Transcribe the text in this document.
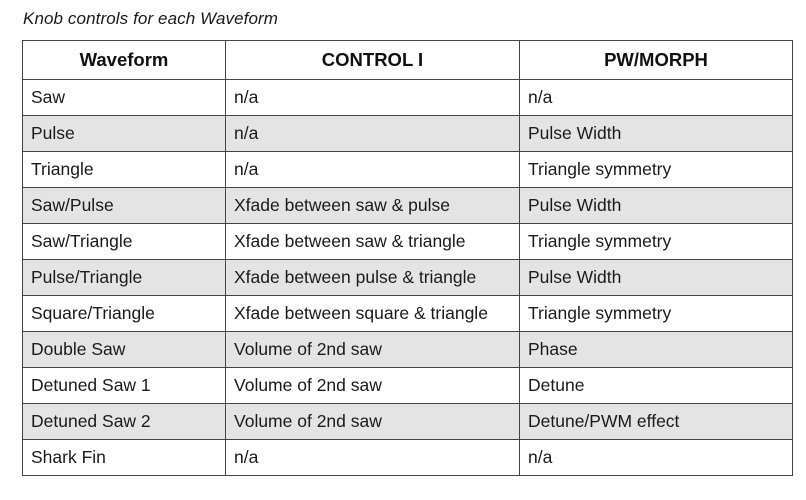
Knob controls for each Waveform
Waveform	CONTROL I	PW/MORPH
Saw	n/a	n/a
Pulse	n/a	Pulse Width
Triangle	n/a	Triangle symmetry
Saw/Pulse	Xfade between saw & pulse	Pulse Width
Saw/Triangle	Xfade between saw & triangle	Triangle symmetry
Pulse/Triangle	Xfade between pulse & triangle	Pulse Width
Square/Triangle	Xfade between square & triangle	Triangle symmetry
Double Saw	Volume of 2nd saw	Phase
Detuned Saw 1	Volume of 2nd saw	Detune
Detuned Saw 2	Volume of 2nd saw	Detune/PWM effect
Shark Fin	n/a	n/a
